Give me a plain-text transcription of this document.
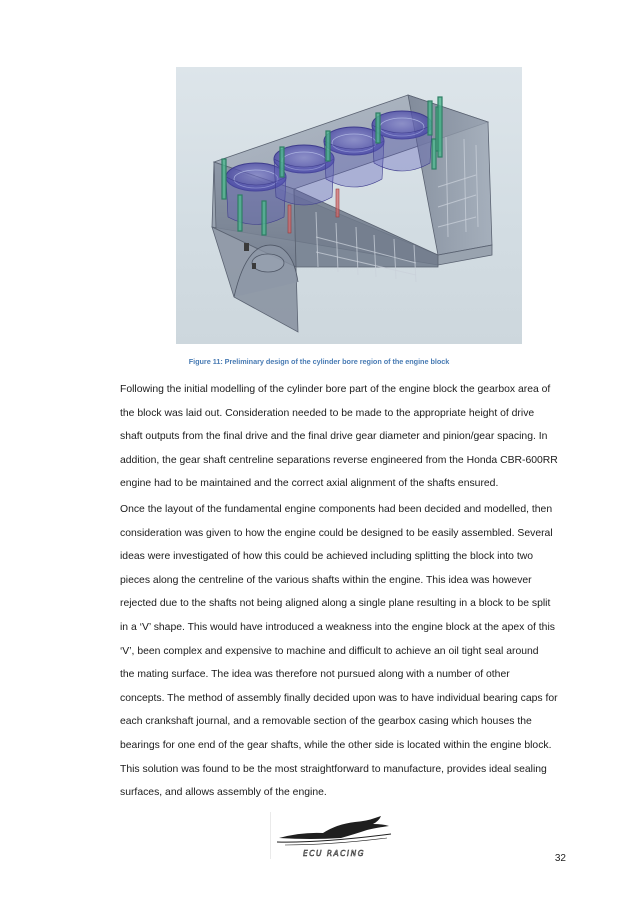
Figure 11: Preliminary design of the cylinder bore region of the engine block
Following the initial modelling of the cylinder bore part of the engine block the gearbox area of
the block was laid out. Consideration needed to be made to the appropriate height of drive
shaft outputs from the final drive and the final drive gear diameter and pinion/gear spacing. In
addition, the gear shaft centreline separations reverse engineered from the Honda CBR-600RR
engine had to be maintained and the correct axial alignment of the shafts ensured.
Once the layout of the fundamental engine components had been decided and modelled, then
consideration was given to how the engine could be designed to be easily assembled. Several
ideas were investigated of how this could be achieved including splitting the block into two
pieces along the centreline of the various shafts within the engine. This idea was however
rejected due to the shafts not being aligned along a single plane resulting in a block to be split
in a ‘V’ shape. This would have introduced a weakness into the engine block at the apex of this
‘V’, been complex and expensive to machine and difficult to achieve an oil tight seal around
the mating surface. The idea was therefore not pursued along with a number of other
concepts. The method of assembly finally decided upon was to have individual bearing caps for
each crankshaft journal, and a removable section of the gearbox casing which houses the
bearings for one end of the gear shafts, while the other side is located within the engine block.
This solution was found to be the most straightforward to manufacture, provides ideal sealing
surfaces, and allows assembly of the engine.
ECU RACING	32
